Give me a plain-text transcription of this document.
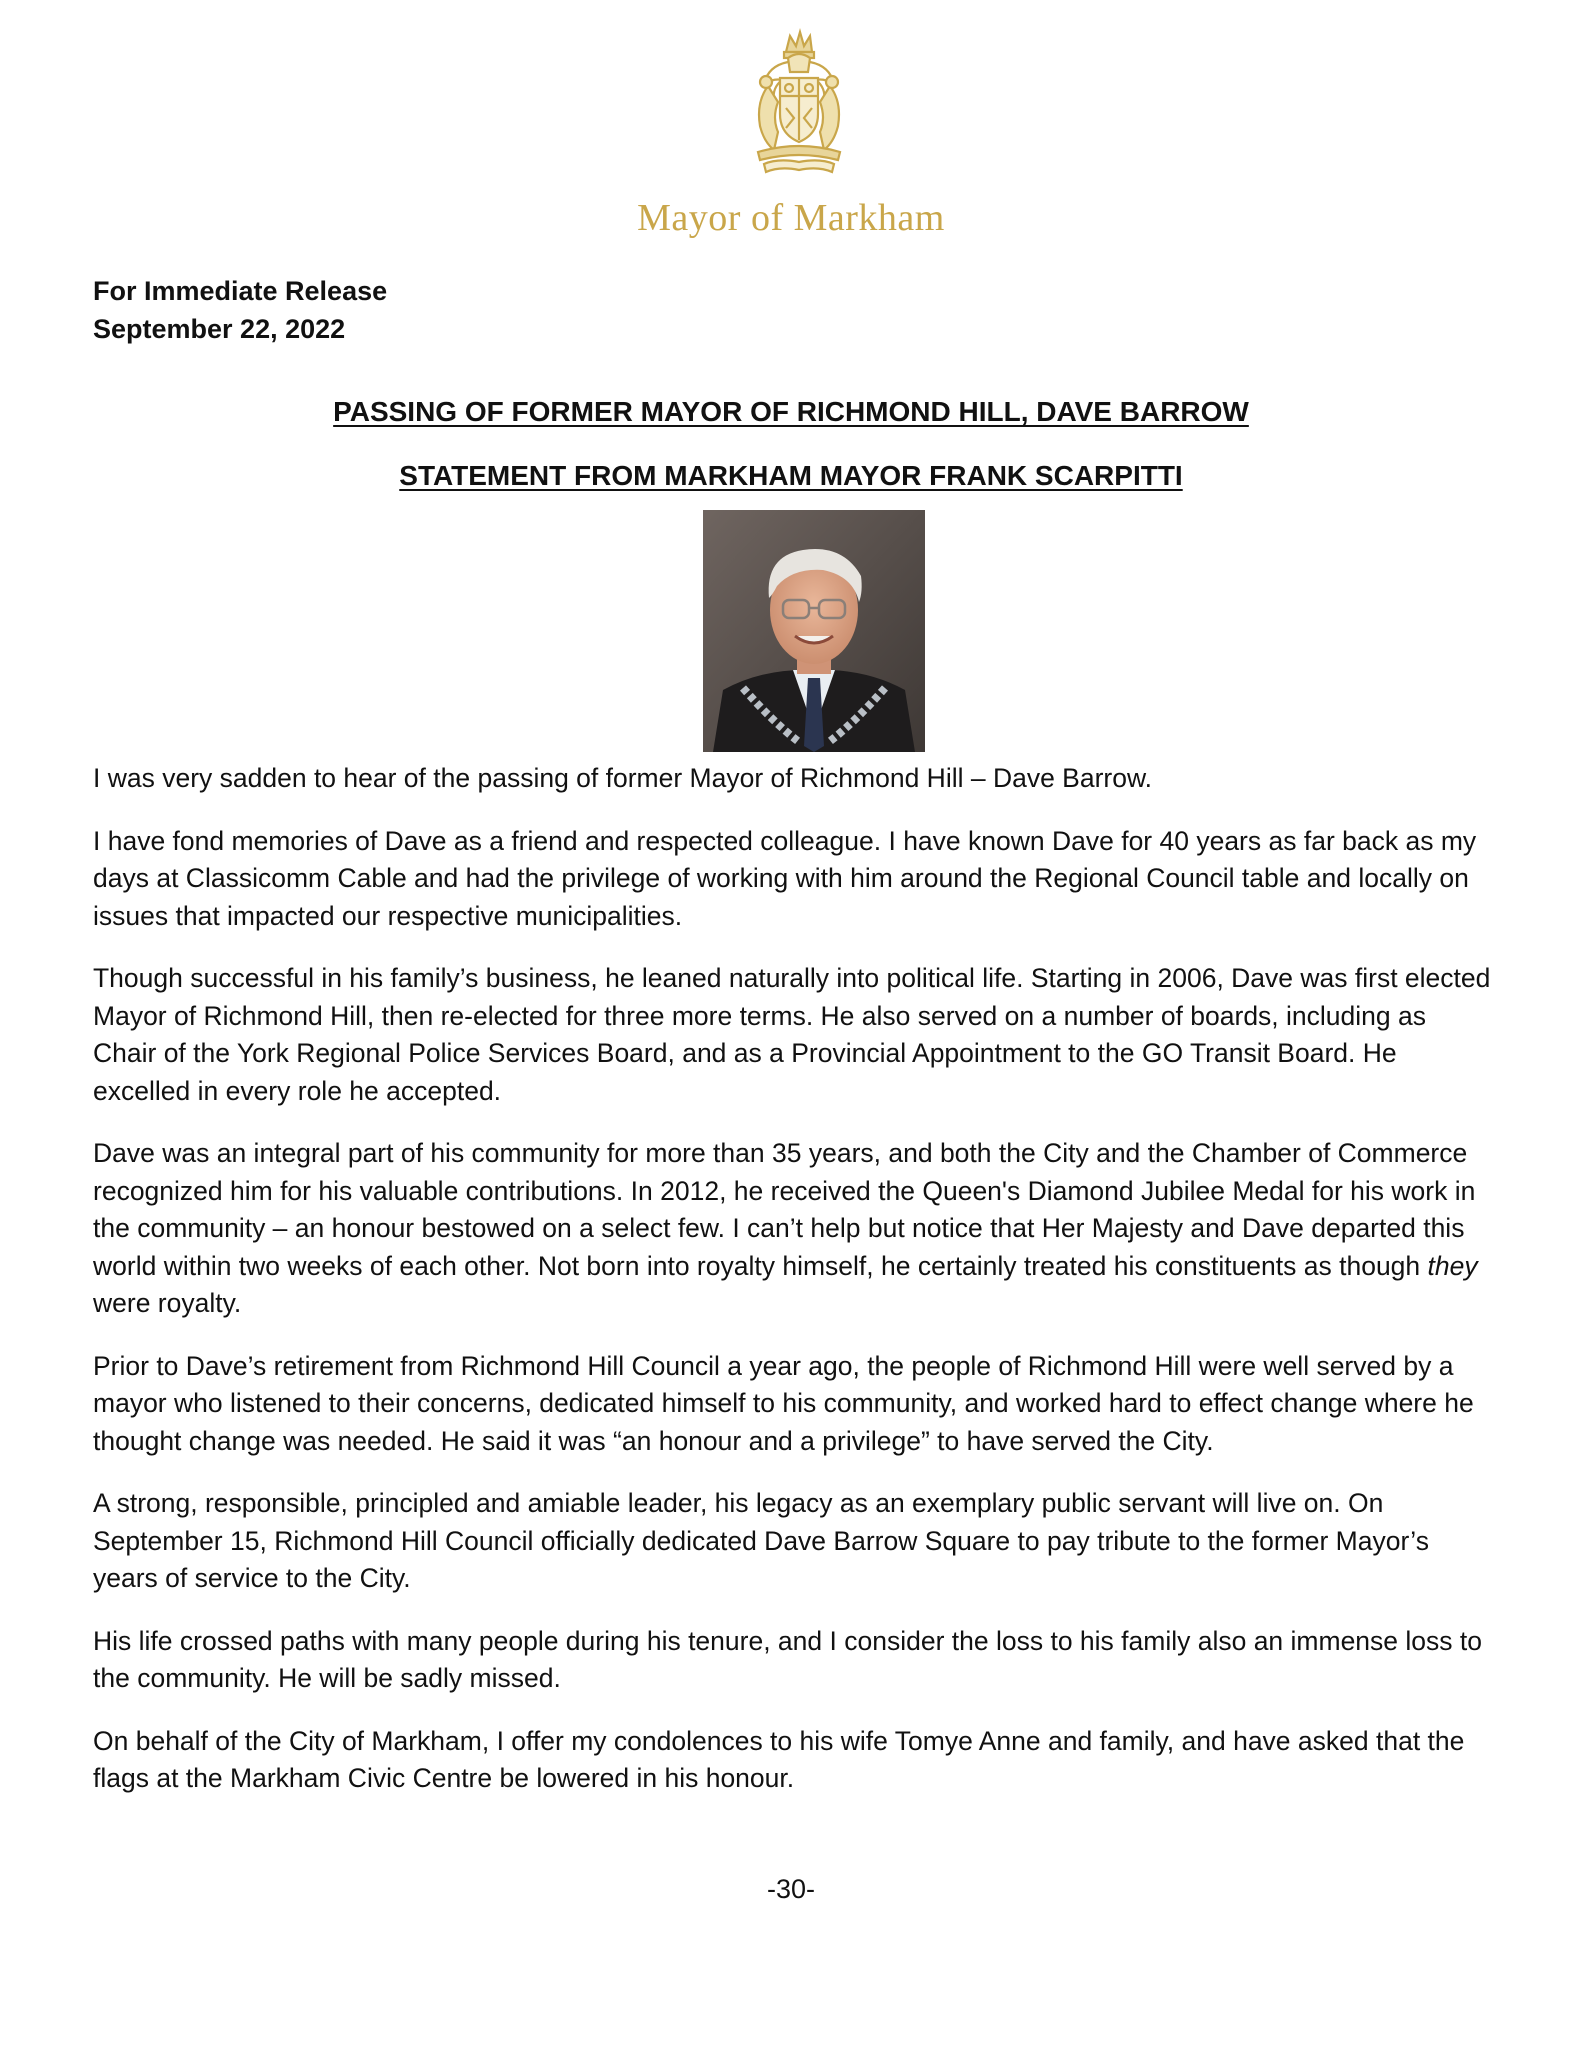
Mayor of Markham
For Immediate Release
September 22, 2022
PASSING OF FORMER MAYOR OF RICHMOND HILL, DAVE BARROW
STATEMENT FROM MARKHAM MAYOR FRANK SCARPITTI

I was very sadden to hear of the passing of former Mayor of Richmond Hill – Dave Barrow.

I have fond memories of Dave as a friend and respected colleague. I have known Dave for 40 years as far back as my days at Classicomm Cable and had the privilege of working with him around the Regional Council table and locally on issues that impacted our respective municipalities.

Though successful in his family’s business, he leaned naturally into political life. Starting in 2006, Dave was first elected Mayor of Richmond Hill, then re-elected for three more terms. He also served on a number of boards, including as Chair of the York Regional Police Services Board, and as a Provincial Appointment to the GO Transit Board. He excelled in every role he accepted.

Dave was an integral part of his community for more than 35 years, and both the City and the Chamber of Commerce recognized him for his valuable contributions. In 2012, he received the Queen's Diamond Jubilee Medal for his work in the community – an honour bestowed on a select few. I can’t help but notice that Her Majesty and Dave departed this world within two weeks of each other. Not born into royalty himself, he certainly treated his constituents as though they were royalty.

Prior to Dave’s retirement from Richmond Hill Council a year ago, the people of Richmond Hill were well served by a mayor who listened to their concerns, dedicated himself to his community, and worked hard to effect change where he thought change was needed. He said it was “an honour and a privilege” to have served the City.

A strong, responsible, principled and amiable leader, his legacy as an exemplary public servant will live on. On September 15, Richmond Hill Council officially dedicated Dave Barrow Square to pay tribute to the former Mayor’s years of service to the City.

His life crossed paths with many people during his tenure, and I consider the loss to his family also an immense loss to the community. He will be sadly missed.

On behalf of the City of Markham, I offer my condolences to his wife Tomye Anne and family, and have asked that the flags at the Markham Civic Centre be lowered in his honour.

-30-
